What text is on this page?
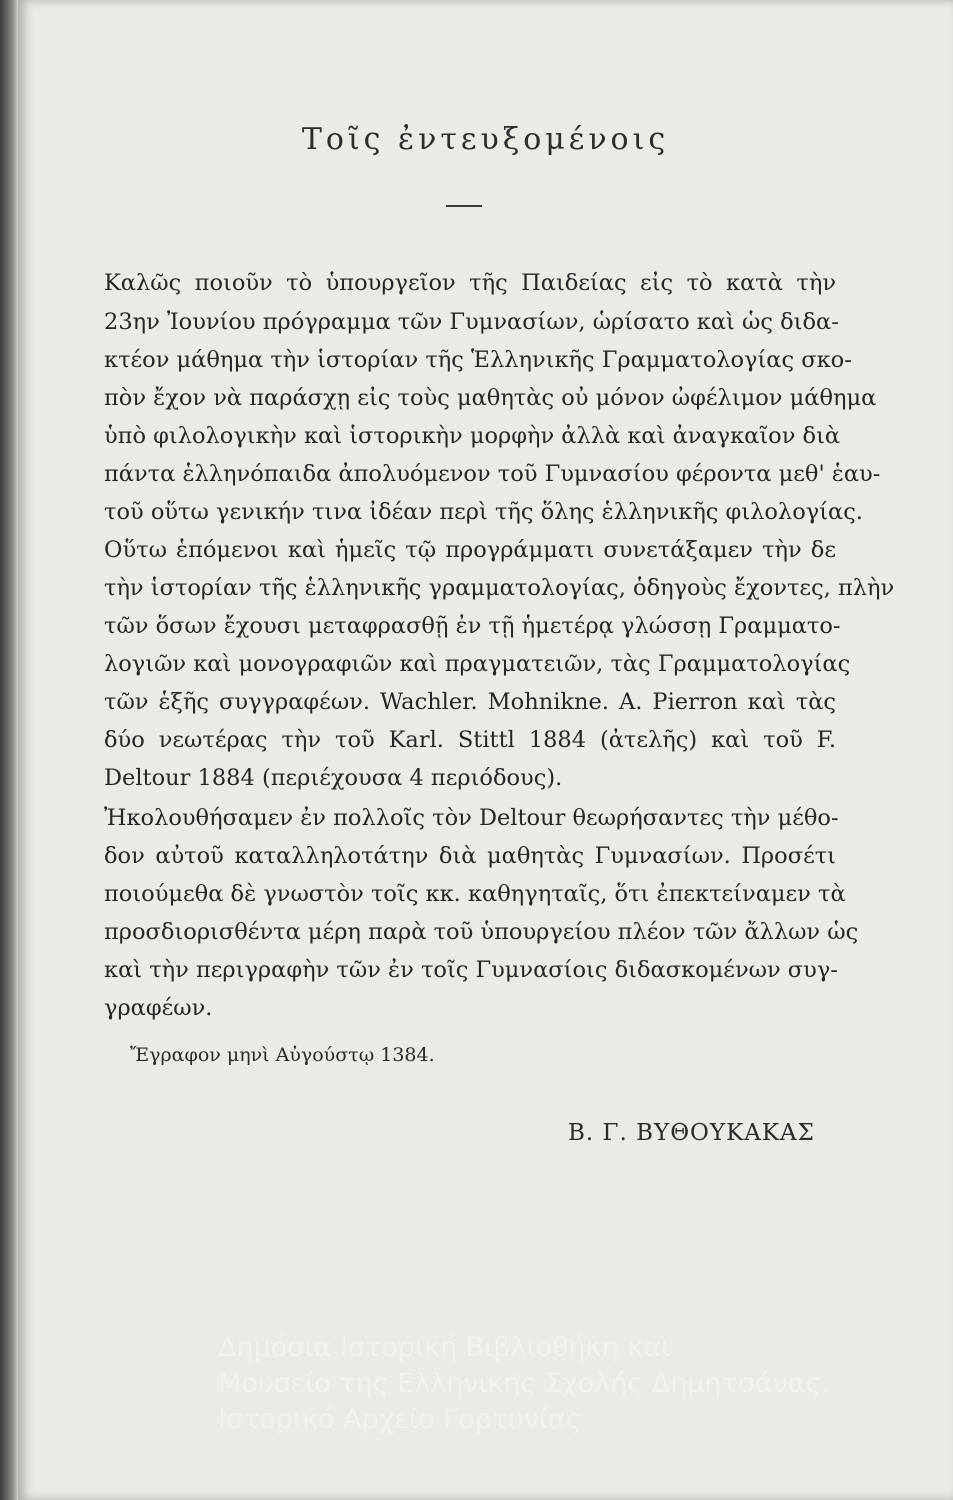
Τοῖς ἐντευξομένοις
Καλῶς ποιοῦν τὸ ὑπουργεῖον τῆς Παιδείας εἰς τὸ κατὰ τὴν
23ην Ἰουνίου πρόγραμμα τῶν Γυμνασίων, ὡρίσατο καὶ ὡς διδα-
κτέον μάθημα τὴν ἱστορίαν τῆς Ἑλληνικῆς Γραμματολογίας σκο-
πὸν ἔχον νὰ παράσχῃ εἰς τοὺς μαθητὰς οὐ μόνον ὠφέλιμον μάθημα
ὑπὸ φιλολογικὴν καὶ ἱστορικὴν μορφὴν ἀλλὰ καὶ ἀναγκαῖον διὰ
πάντα ἑλληνόπαιδα ἀπολυόμενον τοῦ Γυμνασίου φέροντα μεθ' ἑαυ-
τοῦ οὕτω γενικήν τινα ἰδέαν περὶ τῆς ὅλης ἑλληνικῆς φιλολογίας.
Οὕτω ἑπόμενοι καὶ ἡμεῖς τῷ προγράμματι συνετάξαμεν τὴν δε
τὴν ἱστορίαν τῆς ἑλληνικῆς γραμματολογίας, ὁδηγοὺς ἔχοντες, πλὴν
τῶν ὅσων ἔχουσι μεταφρασθῇ ἐν τῇ ἡμετέρᾳ γλώσσῃ Γραμματο-
λογιῶν καὶ μονογραφιῶν καὶ πραγματειῶν, τὰς Γραμματολογίας
τῶν ἑξῆς συγγραφέων. Wachler. Mohnikne. A. Pierron καὶ τὰς
δύο νεωτέρας τὴν τοῦ Karl. Stittl 1884 (ἀτελῆς) καὶ τοῦ F.
Deltour 1884 (περιέχουσα 4 περιόδους).
Ἠκολουθήσαμεν ἐν πολλοῖς τὸν Deltour θεωρήσαντες τὴν μέθο-
δον αὐτοῦ καταλληλοτάτην διὰ μαθητὰς Γυμνασίων. Προσέτι
ποιούμεθα δὲ γνωστὸν τοῖς κκ. καθηγηταῖς, ὅτι ἐπεκτείναμεν τὰ
προσδιορισθέντα μέρη παρὰ τοῦ ὑπουργείου πλέον τῶν ἄλλων ὡς
καὶ τὴν περιγραφὴν τῶν ἐν τοῖς Γυμνασίοις διδασκομένων συγ-
γραφέων.
Ἔγραφον μηνὶ Αὐγούστῳ 1384.
Β. Γ. ΒΥΘΟΥΚΑΚΑΣ
Δημόσια Ιστορική Βιβλιοθήκη και
Μουσείο της Ελληνικής Σχολής Δημητσάνας.
Ιστορικό Αρχείο Γορτυνίας
